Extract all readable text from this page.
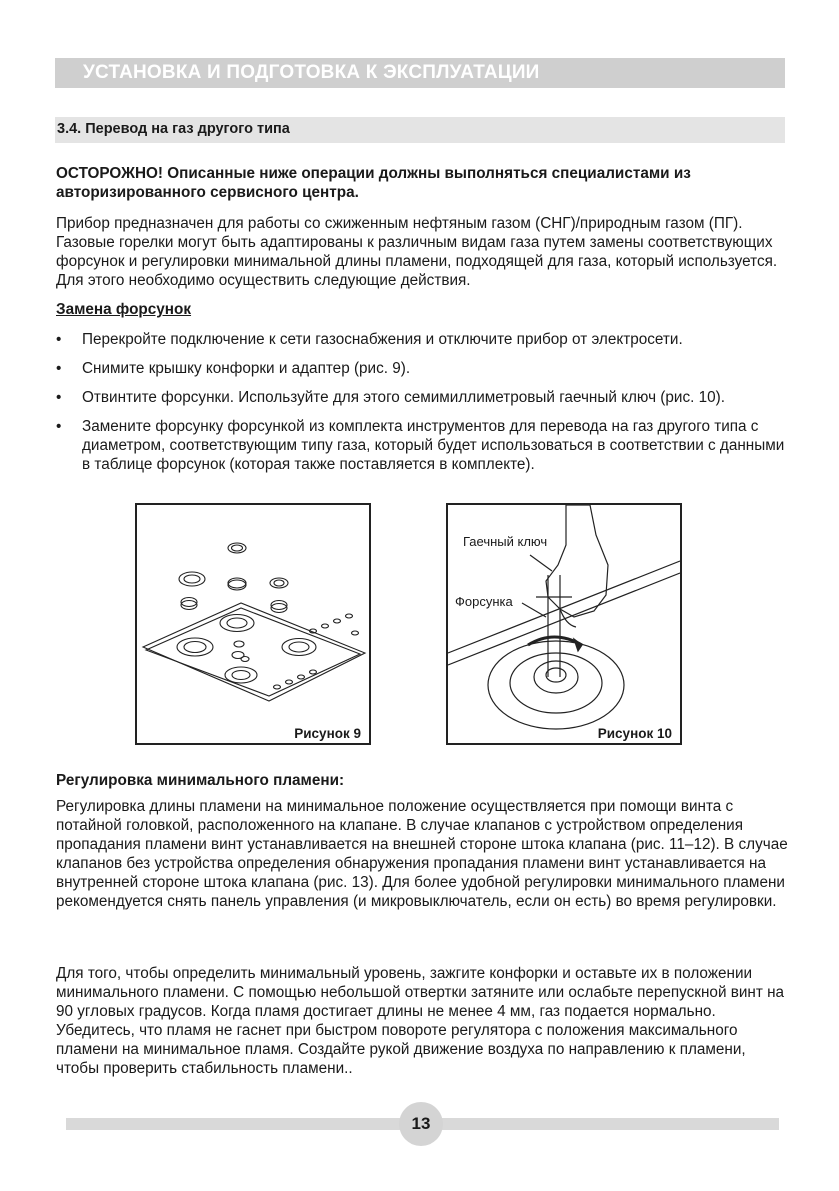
УСТАНОВКА И ПОДГОТОВКА К ЭКСПЛУАТАЦИИ
3.4. Перевод на газ другого типа

ОСТОРОЖНО! Описанные ниже операции должны выполняться специалистами из авторизированного сервисного центра.

Прибор предназначен для работы со сжиженным нефтяным газом (СНГ)/природным газом (ПГ). Газовые горелки могут быть адаптированы к различным видам газа путем замены соответствующих форсунок и регулировки минимальной длины пламени, подходящей для газа, который используется. Для этого необходимо осуществить следующие действия.

Замена форсунок

• Перекройте подключение к сети газоснабжения и отключите прибор от электросети.
• Снимите крышку конфорки и адаптер (рис. 9).
• Отвинтите форсунки. Используйте для этого семимиллиметровый гаечный ключ (рис. 10).
• Замените форсунку форсункой из комплекта инструментов для перевода на газ другого типа с диаметром, соответствующим типу газа, который будет использоваться в соответствии с данными в таблице форсунок (которая также поставляется в комплекте).
Рисунок 9
Гаечный ключ
Форсунка
Рисунок 10

Регулировка минимального пламени:

Регулировка длины пламени на минимальное положение осуществляется при помощи винта с потайной головкой, расположенного на клапане. В случае клапанов с устройством определения пропадания пламени винт устанавливается на внешней стороне штока клапана (рис. 11–12). В случае клапанов без устройства определения обнаружения пропадания пламени винт устанавливается на внутренней стороне штока клапана (рис. 13). Для более удобной регулировки минимального пламени рекомендуется снять панель управления (и микровыключатель, если он есть) во время регулировки.

Для того, чтобы определить минимальный уровень, зажгите конфорки и оставьте их в положении минимального пламени. С помощью небольшой отвертки затяните или ослабьте перепускной винт на 90 угловых градусов. Когда пламя достигает длины не менее 4 мм, газ подается нормально. Убедитесь, что пламя не гаснет при быстром повороте регулятора с положения максимального пламени на минимальное пламя. Создайте рукой движение воздуха по направлению к пламени, чтобы проверить стабильность пламени..

13
